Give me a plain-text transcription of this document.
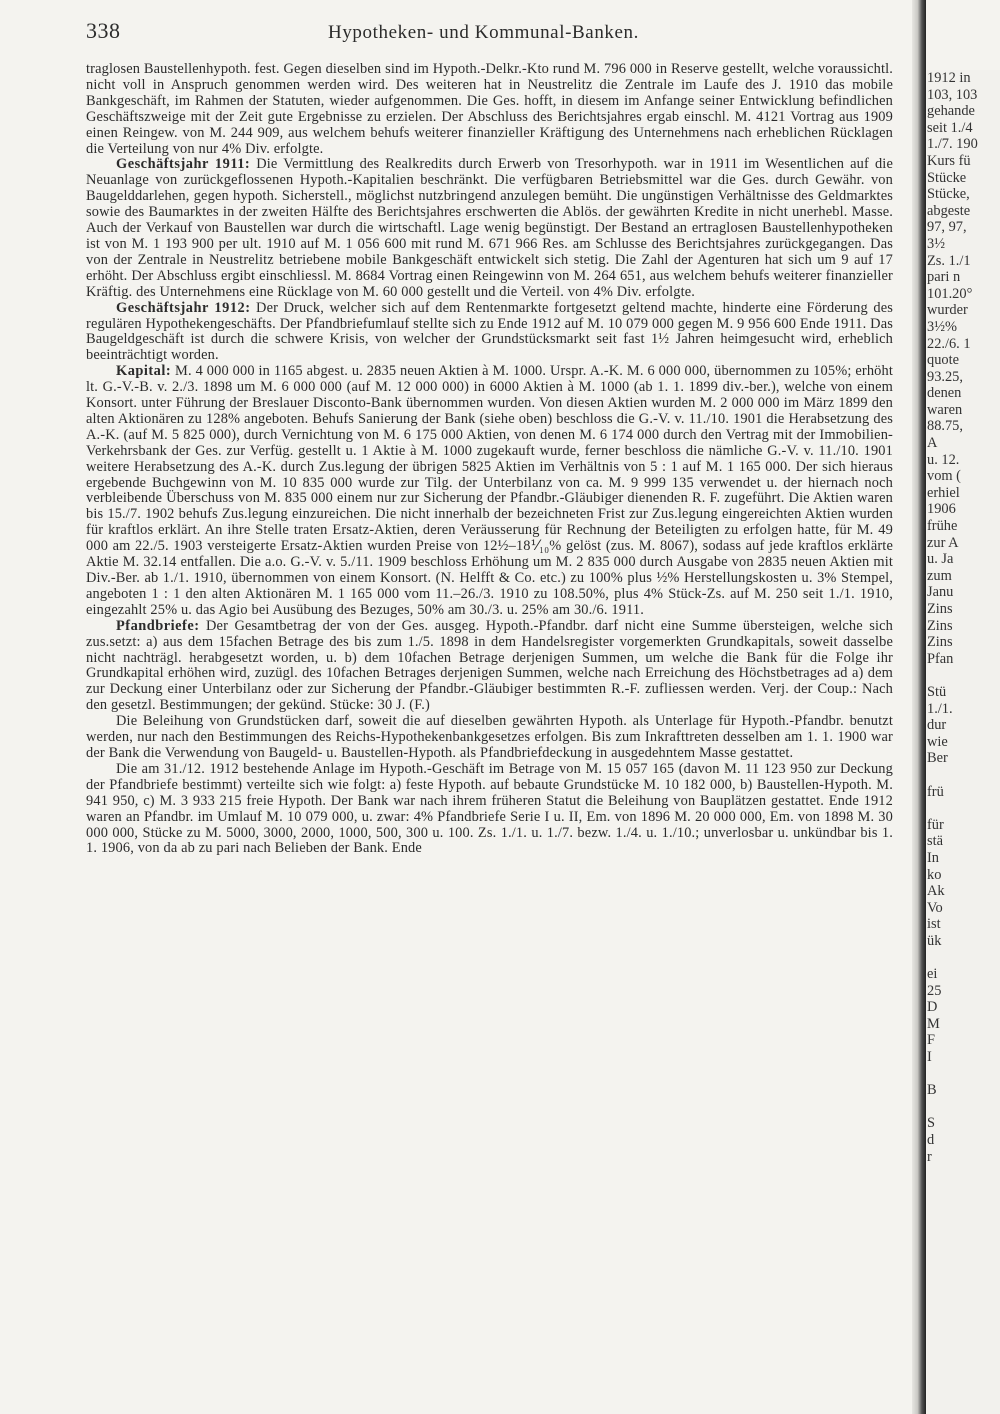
338	Hypotheken- und Kommunal-Banken.

traglosen Baustellenhypoth. fest. Gegen dieselben sind im Hypoth.-Delkr.-Kto rund M. 796 000 in Reserve gestellt, welche voraussichtl. nicht voll in Anspruch genommen werden wird. Des weiteren hat in Neustrelitz die Zentrale im Laufe des J. 1910 das mobile Bankgeschäft, im Rahmen der Statuten, wieder aufgenommen. Die Ges. hofft, in diesem im Anfange seiner Entwicklung befindlichen Geschäftszweige mit der Zeit gute Ergebnisse zu erzielen. Der Abschluss des Berichtsjahres ergab einschl. M. 4121 Vortrag aus 1909 einen Reingew. von M. 244 909, aus welchem behufs weiterer finanzieller Kräftigung des Unternehmens nach erheblichen Rücklagen die Verteilung von nur 4% Div. erfolgte.

Geschäftsjahr 1911: Die Vermittlung des Realkredits durch Erwerb von Tresorhypoth. war in 1911 im Wesentlichen auf die Neuanlage von zurückgeflossenen Hypoth.-Kapitalien beschränkt. Die verfügbaren Betriebsmittel war die Ges. durch Gewähr. von Baugelddarlehen, gegen hypoth. Sicherstell., möglichst nutzbringend anzulegen bemüht. Die ungünstigen Verhältnisse des Geldmarktes sowie des Baumarktes in der zweiten Hälfte des Berichtsjahres erschwerten die Ablös. der gewährten Kredite in nicht unerhebl. Masse. Auch der Verkauf von Baustellen war durch die wirtschaftl. Lage wenig begünstigt. Der Bestand an ertraglosen Baustellenhypotheken ist von M. 1 193 900 per ult. 1910 auf M. 1 056 600 mit rund M. 671 966 Res. am Schlusse des Berichtsjahres zurückgegangen. Das von der Zentrale in Neustrelitz betriebene mobile Bankgeschäft entwickelt sich stetig. Die Zahl der Agenturen hat sich um 9 auf 17 erhöht. Der Abschluss ergibt einschliessl. M. 8684 Vortrag einen Reingewinn von M. 264 651, aus welchem behufs weiterer finanzieller Kräftig. des Unternehmens eine Rücklage von M. 60 000 gestellt und die Verteil. von 4% Div. erfolgte.

Geschäftsjahr 1912: Der Druck, welcher sich auf dem Rentenmarkte fortgesetzt geltend machte, hinderte eine Förderung des regulären Hypothekengeschäfts. Der Pfandbriefumlauf stellte sich zu Ende 1912 auf M. 10 079 000 gegen M. 9 956 600 Ende 1911. Das Baugeldgeschäft ist durch die schwere Krisis, von welcher der Grundstücksmarkt seit fast 1½ Jahren heimgesucht wird, erheblich beeinträchtigt worden.

Kapital: M. 4 000 000 in 1165 abgest. u. 2835 neuen Aktien à M. 1000. Urspr. A.-K. M. 6 000 000, übernommen zu 105%; erhöht lt. G.-V.-B. v. 2./3. 1898 um M. 6 000 000 (auf M. 12 000 000) in 6000 Aktien à M. 1000 (ab 1. 1. 1899 div.-ber.), welche von einem Konsort. unter Führung der Breslauer Disconto-Bank übernommen wurden. Von diesen Aktien wurden M. 2 000 000 im März 1899 den alten Aktionären zu 128% angeboten. Behufs Sanierung der Bank (siehe oben) beschloss die G.-V. v. 11./10. 1901 die Herabsetzung des A.-K. (auf M. 5 825 000), durch Vernichtung von M. 6 175 000 Aktien, von denen M. 6 174 000 durch den Vertrag mit der Immobilien-Verkehrsbank der Ges. zur Verfüg. gestellt u. 1 Aktie à M. 1000 zugekauft wurde, ferner beschloss die nämliche G.-V. v. 11./10. 1901 weitere Herabsetzung des A.-K. durch Zus.legung der übrigen 5825 Aktien im Verhältnis von 5 : 1 auf M. 1 165 000. Der sich hieraus ergebende Buchgewinn von M. 10 835 000 wurde zur Tilg. der Unterbilanz von ca. M. 9 999 135 verwendet u. der hiernach noch verbleibende Überschuss von M. 835 000 einem nur zur Sicherung der Pfandbr.-Gläubiger dienenden R. F. zugeführt. Die Aktien waren bis 15./7. 1902 behufs Zus.legung einzureichen. Die nicht innerhalb der bezeichneten Frist zur Zus.legung eingereichten Aktien wurden für kraftlos erklärt. An ihre Stelle traten Ersatz-Aktien, deren Veräusserung für Rechnung der Beteiligten zu erfolgen hatte, für M. 49 000 am 22./5. 1903 versteigerte Ersatz-Aktien wurden Preise von 12½–18⅟₁₀% gelöst (zus. M. 8067), sodass auf jede kraftlos erklärte Aktie M. 32.14 entfallen. Die a.o. G.-V. v. 5./11. 1909 beschloss Erhöhung um M. 2 835 000 durch Ausgabe von 2835 neuen Aktien mit Div.-Ber. ab 1./1. 1910, übernommen von einem Konsort. (N. Helfft & Co. etc.) zu 100% plus ½% Herstellungskosten u. 3% Stempel, angeboten 1 : 1 den alten Aktionären M. 1 165 000 vom 11.–26./3. 1910 zu 108.50%, plus 4% Stück-Zs. auf M. 250 seit 1./1. 1910, eingezahlt 25% u. das Agio bei Ausübung des Bezuges, 50% am 30./3. u. 25% am 30./6. 1911.

Pfandbriefe: Der Gesamtbetrag der von der Ges. ausgeg. Hypoth.-Pfandbr. darf nicht eine Summe übersteigen, welche sich zus.setzt: a) aus dem 15fachen Betrage des bis zum 1./5. 1898 in dem Handelsregister vorgemerkten Grundkapitals, soweit dasselbe nicht nachträgl. herabgesetzt worden, u. b) dem 10fachen Betrage derjenigen Summen, um welche die Bank für die Folge ihr Grundkapital erhöhen wird, zuzügl. des 10fachen Betrages derjenigen Summen, welche nach Erreichung des Höchstbetrages ad a) dem zur Deckung einer Unterbilanz oder zur Sicherung der Pfandbr.-Gläubiger bestimmten R.-F. zufliessen werden. Verj. der Coup.: Nach den gesetzl. Bestimmungen; der gekünd. Stücke: 30 J. (F.)

Die Beleihung von Grundstücken darf, soweit die auf dieselben gewährten Hypoth. als Unterlage für Hypoth.-Pfandbr. benutzt werden, nur nach den Bestimmungen des Reichs-Hypothekenbankgesetzes erfolgen. Bis zum Inkrafttreten desselben am 1. 1. 1900 war der Bank die Verwendung von Baugeld- u. Baustellen-Hypoth. als Pfandbriefdeckung in ausgedehntem Masse gestattet.

Die am 31./12. 1912 bestehende Anlage im Hypoth.-Geschäft im Betrage von M. 15 057 165 (davon M. 11 123 950 zur Deckung der Pfandbriefe bestimmt) verteilte sich wie folgt: a) feste Hypoth. auf bebaute Grundstücke M. 10 182 000, b) Baustellen-Hypoth. M. 941 950, c) M. 3 933 215 freie Hypoth. Der Bank war nach ihrem früheren Statut die Beleihung von Bauplätzen gestattet. Ende 1912 waren an Pfandbr. im Umlauf M. 10 079 000, u. zwar: 4% Pfandbriefe Serie I u. II, Em. von 1896 M. 20 000 000, Em. von 1898 M. 30 000 000, Stücke zu M. 5000, 3000, 2000, 1000, 500, 300 u. 100. Zs. 1./1. u. 1./7. bezw. 1./4. u. 1./10.; unverlosbar u. unkündbar bis 1. 1. 1906, von da ab zu pari nach Belieben der Bank. Ende

1912 in
103, 103
gehande
seit 1./4
1./7. 190
Kurs fü
Stücke
Stücke,
abgeste
97, 97,
3½
Zs. 1./1
pari n
101.20°
wurder
3½%
22./6. 1
quote
93.25,
denen
waren
88.75,
A
u. 12.
vom (
erhiel
1906
frühe
zur A
u. Ja
zum
Janu
Zins
Zins
Zins
Pfan
Stü
1./1.
dur
wie
Ber
frü
für
stä
In
ko
Ak
Vo
ist
ük
ei
25
D
M
F
I
B
S
d
r
